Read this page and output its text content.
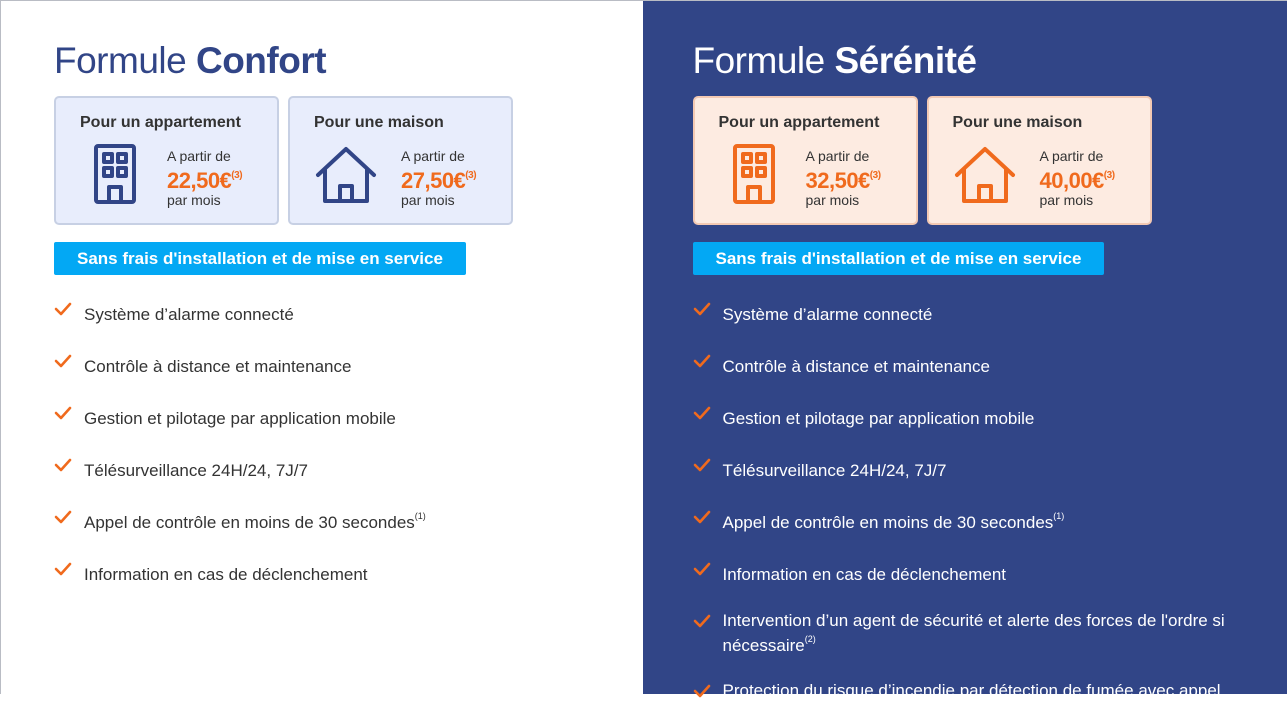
Formule Confort
Pour un appartement
A partir de
22,50€$^{(3)}$
par mois
Pour une maison
A partir de
27,50€$^{(3)}$
par mois
Sans frais d'installation et de mise en service
Système d’alarme connecté
Contrôle à distance et maintenance
Gestion et pilotage par application mobile
Télésurveillance 24H/24, 7J/7
Appel de contrôle en moins de 30 secondes$^{(1)}$
Information en cas de déclenchement
Formule Sérénité
Pour un appartement
A partir de
32,50€$^{(3)}$
par mois
Pour une maison
A partir de
40,00€$^{(3)}$
par mois
Sans frais d'installation et de mise en service
Système d’alarme connecté
Contrôle à distance et maintenance
Gestion et pilotage par application mobile
Télésurveillance 24H/24, 7J/7
Appel de contrôle en moins de 30 secondes$^{(1)}$
Information en cas de déclenchement
Intervention d’un agent de sécurité et alerte des forces de l'ordre si nécessaire$^{(2)}$
Protection du risque d’incendie par détection de fumée avec appel des secours si nécessaire$^{(2)}$
